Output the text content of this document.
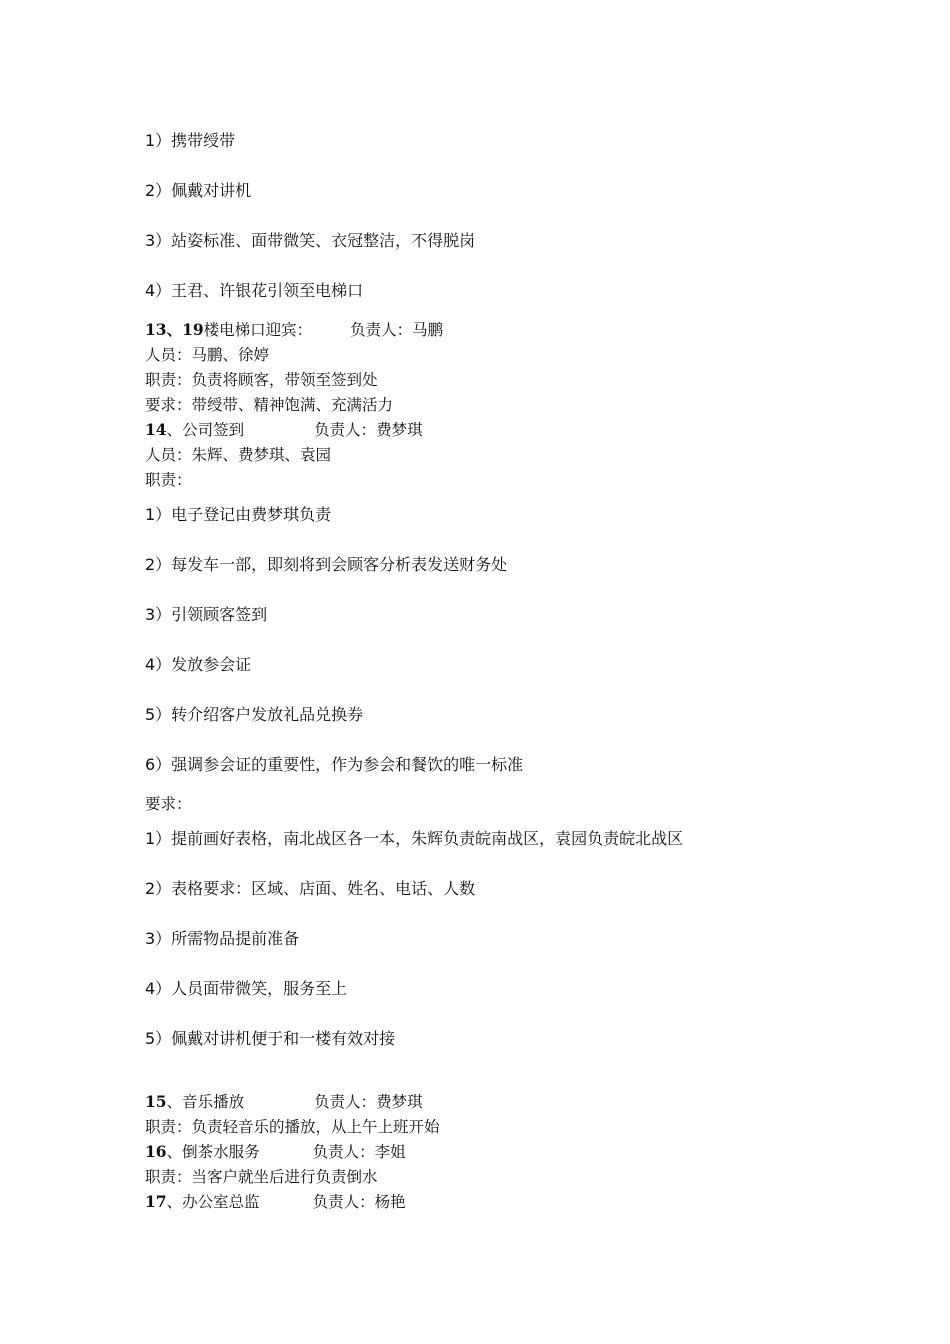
1）携带绶带
2）佩戴对讲机
3）站姿标准、面带微笑、衣冠整洁，不得脱岗
4）王君、许银花引领至电梯口
13、19楼电梯口迎宾： 负责人：马鹏
人员：马鹏、徐婷
职责：负责将顾客，带领至签到处
要求：带绶带、精神饱满、充满活力
14、公司签到	负责人：费梦琪
人员：朱辉、费梦琪、袁园
职责：
1）电子登记由费梦琪负责
2）每发车一部，即刻将到会顾客分析表发送财务处
3）引领顾客签到
4）发放参会证
5）转介绍客户发放礼品兑换券
6）强调参会证的重要性，作为参会和餐饮的唯一标准
要求：
1）提前画好表格，南北战区各一本，朱辉负责皖南战区，袁园负责皖北战区
2）表格要求：区域、店面、姓名、电话、人数
3）所需物品提前准备
4）人员面带微笑，服务至上
5）佩戴对讲机便于和一楼有效对接
15、音乐播放	负责人：费梦琪
职责：负责轻音乐的播放，从上午上班开始
16、倒茶水服务	负责人：李姐
职责：当客户就坐后进行负责倒水
17、办公室总监	负责人：杨艳
